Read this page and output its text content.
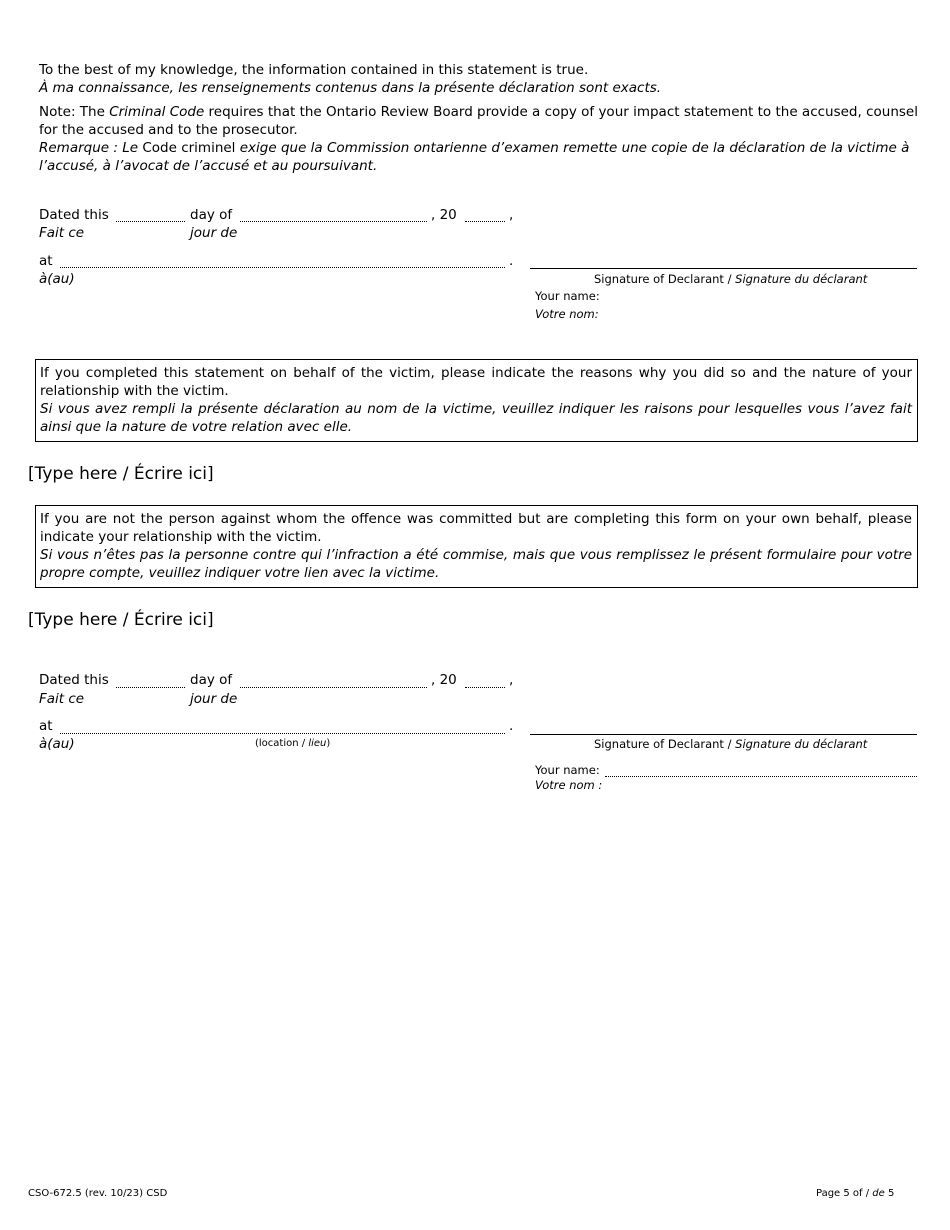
To the best of my knowledge, the information contained in this statement is true.

À ma connaissance, les renseignements contenus dans la présente déclaration sont exacts.

Note: The Criminal Code requires that the Ontario Review Board provide a copy of your impact statement to the accused, counsel for the accused and to the prosecutor.

Remarque : Le Code criminel exige que la Commission ontarienne d’examen remette une copie de la déclaration de la victime à l’accusé, à l’avocat de l’accusé et au poursuivant.

Dated this
Fait ce
day of
jour de
, 20	,
at
à(au)
.
Signature of Declarant / Signature du déclarant
Your name:
Votre nom:

If you completed this statement on behalf of the victim, please indicate the reasons why you did so and the nature of your relationship with the victim.

Si vous avez rempli la présente déclaration au nom de la victime, veuillez indiquer les raisons pour lesquelles vous l’avez fait ainsi que la nature de votre relation avec elle.

[Type here / Écrire ici]

If you are not the person against whom the offence was committed but are completing this form on your own behalf, please indicate your relationship with the victim.

Si vous n’êtes pas la personne contre qui l’infraction a été commise, mais que vous remplissez le présent formulaire pour votre propre compte, veuillez indiquer votre lien avec la victime.

[Type here / Écrire ici]
Dated this
Fait ce
day of
jour de
, 20	,
at
à(au)
.
(location / lieu)	Signature of Declarant / Signature du déclarant
Your name:
Votre nom :
CSO-672.5 (rev. 10/23) CSD	Page 5 of / de 5
